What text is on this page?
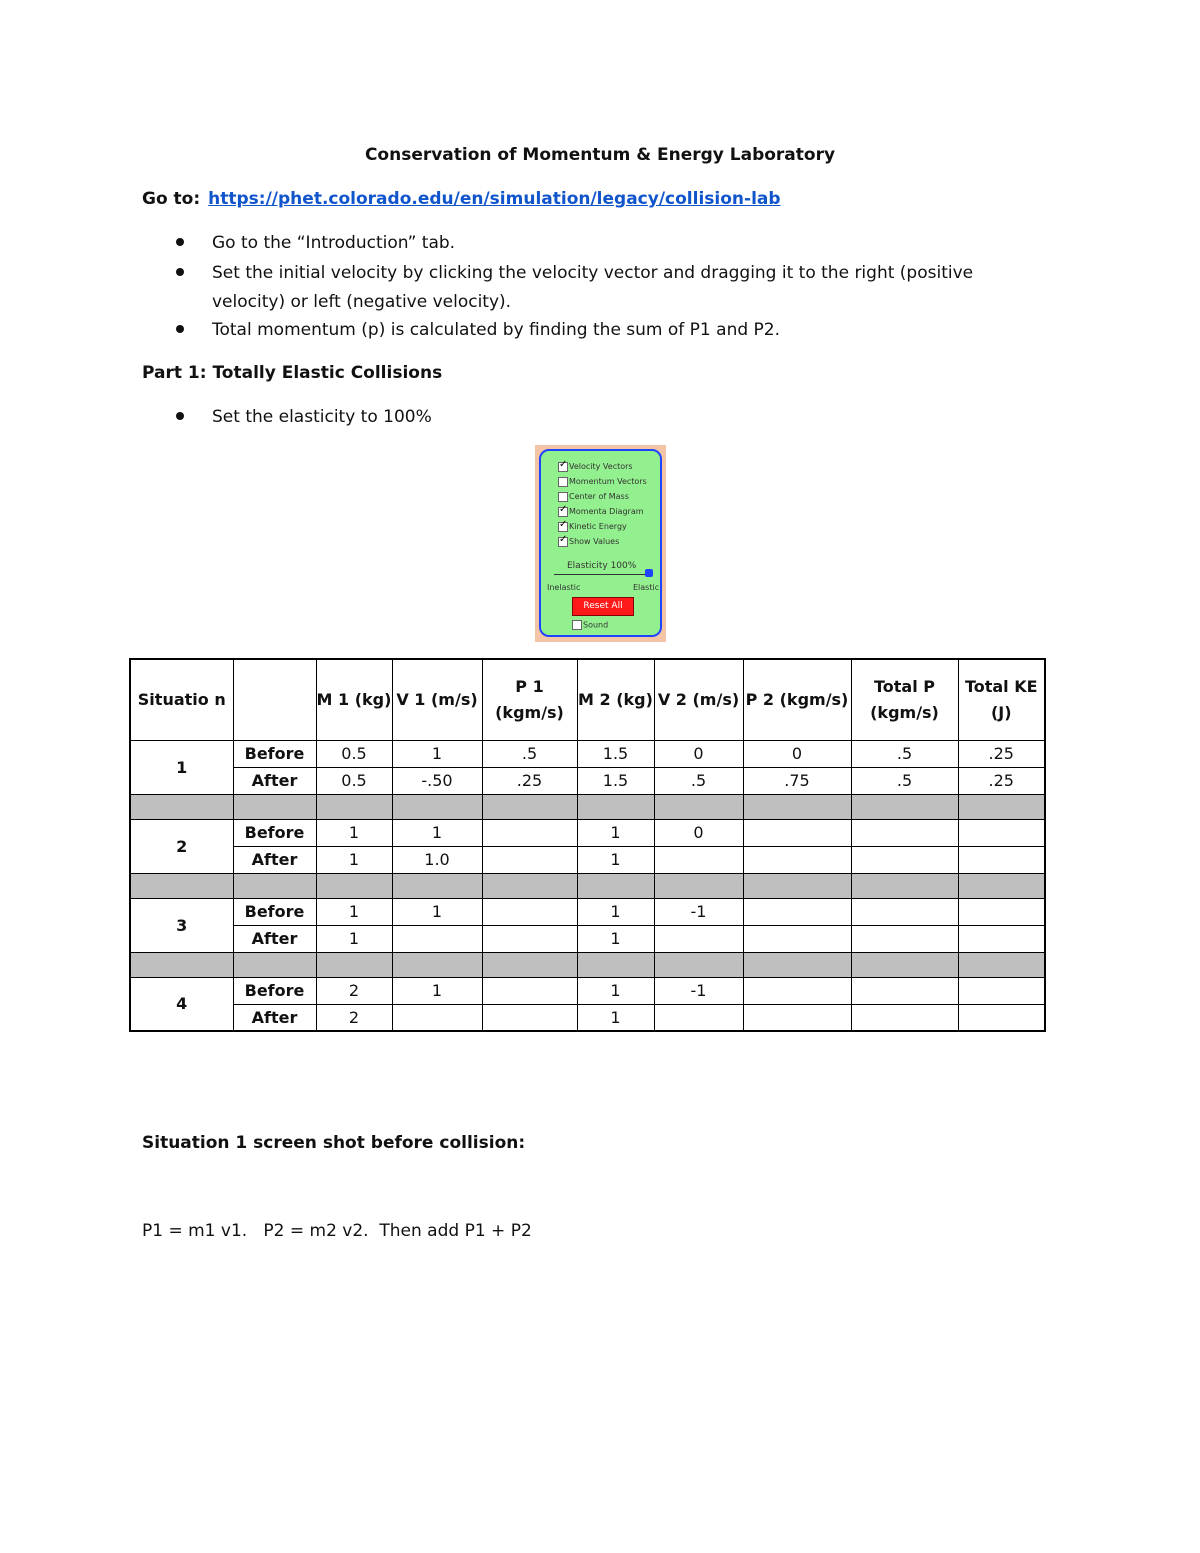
Conservation of Momentum & Energy Laboratory
Go to: https://phet.colorado.edu/en/simulation/legacy/collision-lab
Go to the “Introduction” tab.
Set the initial velocity by clicking the velocity vector and dragging it to the right (positive velocity) or left (negative velocity).
Total momentum (p) is calculated by finding the sum of P1 and P2.
Part 1: Totally Elastic Collisions
Set the elasticity to 100%
✓Velocity Vectors
Momentum Vectors
Center of Mass
✓Momenta Diagram
✓Kinetic Energy
✓Show Values
Elasticity 100%
Inelastic	Elastic
Reset All
Sound
Situatio n		M 1 (kg)	V 1 (m/s)	P 1 (kgm/s)	M 2 (kg)	V 2 (m/s)	P 2 (kgm/s)	Total P (kgm/s)	Total KE (J)
1	Before	0.5	1	.5	1.5	0	0	.5	.25
	After	0.5	-.50	.25	1.5	.5	.75	.5	.25

2	Before	1	1		1	0			
	After	1	1.0		1				

3	Before	1	1		1	-1			
	After	1			1				

4	Before	2	1		1	-1			
	After	2			1				
Situation 1 screen shot before collision:
P1 = m1 v1.   P2 = m2 v2.  Then add P1 + P2
